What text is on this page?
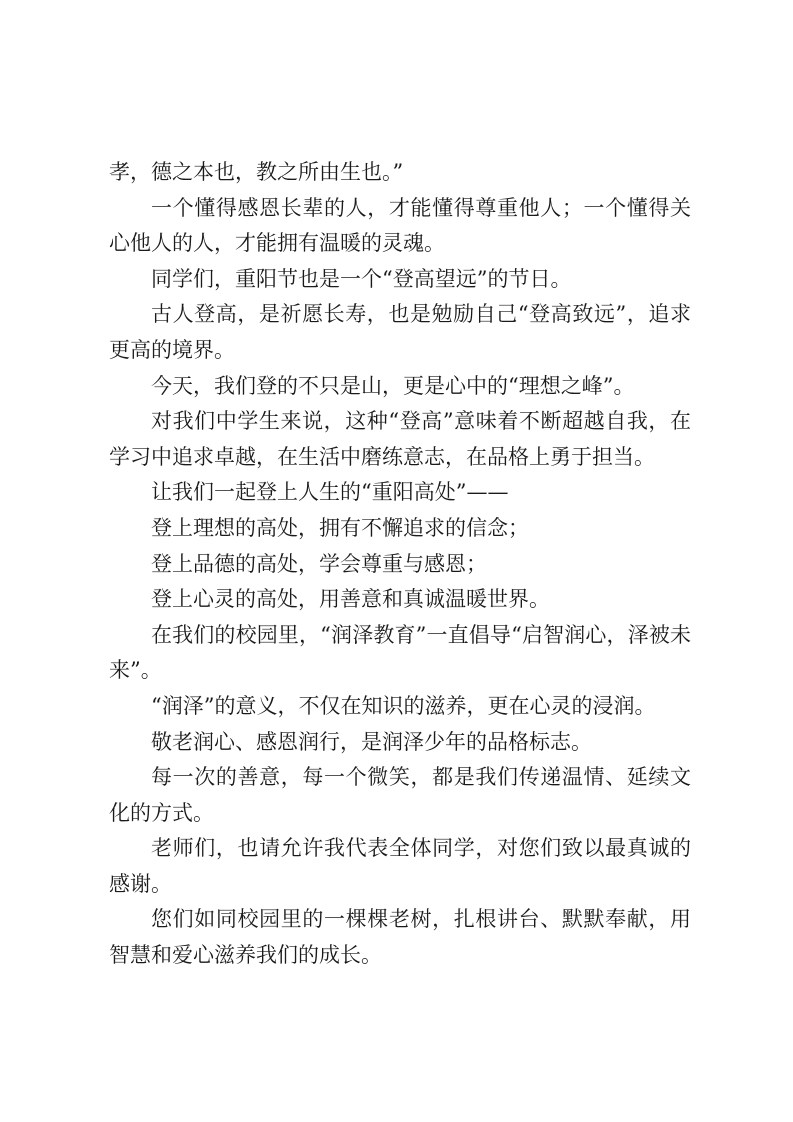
孝，德之本也，教之所由生也。”

一个懂得感恩长辈的人，才能懂得尊重他人；一个懂得关心他人的人，才能拥有温暖的灵魂。

同学们，重阳节也是一个“登高望远”的节日。

古人登高，是祈愿长寿，也是勉励自己“登高致远”，追求更高的境界。

今天，我们登的不只是山，更是心中的“理想之峰”。

对我们中学生来说，这种“登高”意味着不断超越自我，在学习中追求卓越，在生活中磨练意志，在品格上勇于担当。

让我们一起登上人生的“重阳高处”——

登上理想的高处，拥有不懈追求的信念；

登上品德的高处，学会尊重与感恩；

登上心灵的高处，用善意和真诚温暖世界。

在我们的校园里，“润泽教育”一直倡导“启智润心，泽被未来”。

“润泽”的意义，不仅在知识的滋养，更在心灵的浸润。

敬老润心、感恩润行，是润泽少年的品格标志。

每一次的善意，每一个微笑，都是我们传递温情、延续文化的方式。

老师们，也请允许我代表全体同学，对您们致以最真诚的感谢。

您们如同校园里的一棵棵老树，扎根讲台、默默奉献，用智慧和爱心滋养我们的成长。
